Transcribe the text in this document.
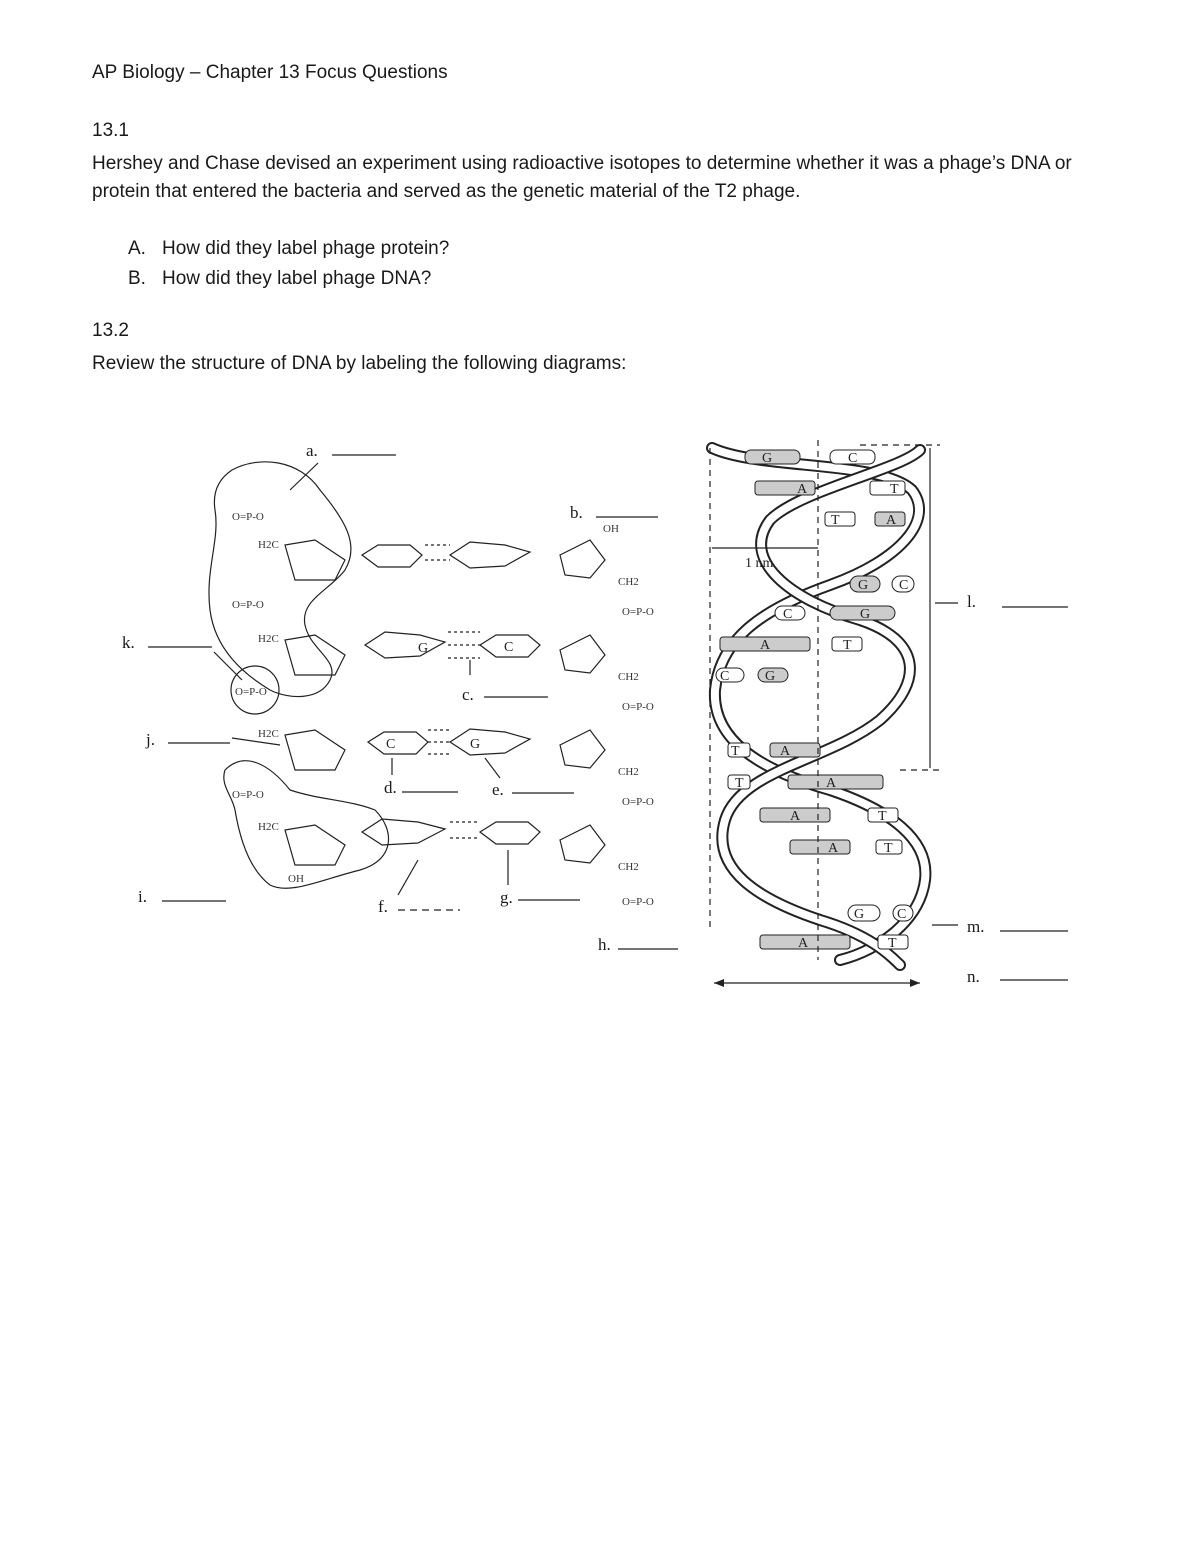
AP Biology – Chapter 13 Focus Questions
13.1
Hershey and Chase devised an experiment using radioactive isotopes to determine whether it was a phage’s DNA or protein that entered the bacteria and served as the genetic material of the T2 phage.
A. How did they label phage protein?
B. How did they label phage DNA?
13.2
Review the structure of DNA by labeling the following diagrams:
O=P-O
H2C
O=P-O
H2C
O=P-O
H2C
O=P-O
H2C
OH
G	C
C	G
OH
CH2
O=P-O
CH2
O=P-O
CH2
O=P-O
CH2
O=P-O
a.
b.
c.
d.	e.
f.	g.
h.
i.
j.
k.
G	C
A	T
T	A
G C
C	G
A	T
C	G
T	A
T	A
A	T
A	T
G C
A	T
1 nm
l.
m.
n.
